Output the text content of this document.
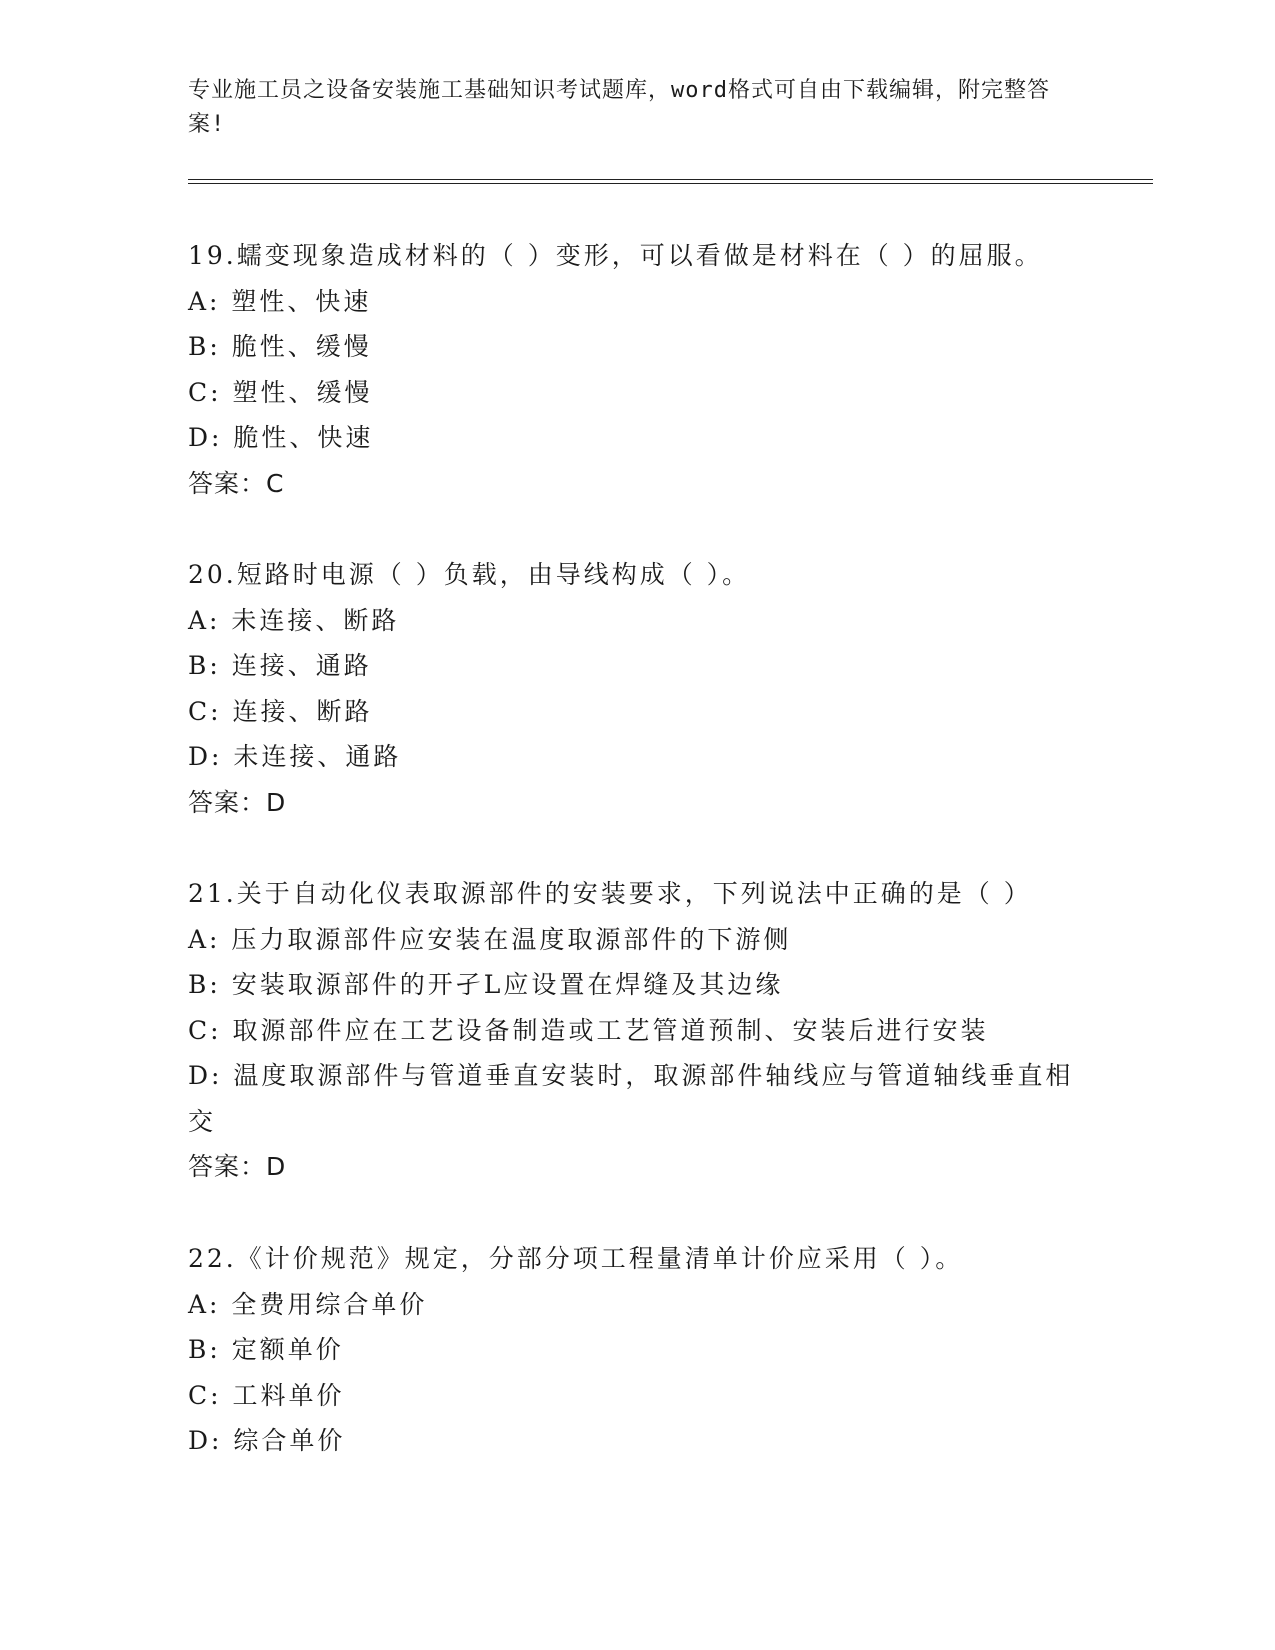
专业施工员之设备安装施工基础知识考试题库，word格式可自由下载编辑，附完整答案!
19.蠕变现象造成材料的（ ）变形，可以看做是材料在（ ）的屈服。
A: 塑性、快速
B: 脆性、缓慢
C: 塑性、缓慢
D: 脆性、快速
答案：C
20.短路时电源（ ）负载，由导线构成（ ）。
A: 未连接、断路
B: 连接、通路
C: 连接、断路
D: 未连接、通路
答案：D
21.关于自动化仪表取源部件的安装要求，下列说法中正确的是（ ）
A: 压力取源部件应安装在温度取源部件的下游侧
B: 安装取源部件的开孑L应设置在焊缝及其边缘
C: 取源部件应在工艺设备制造或工艺管道预制、安装后进行安装
D: 温度取源部件与管道垂直安装时，取源部件轴线应与管道轴线垂直相交
答案：D
22.《计价规范》规定，分部分项工程量清单计价应采用（ ）。
A: 全费用综合单价
B: 定额单价
C: 工料单价
D: 综合单价
